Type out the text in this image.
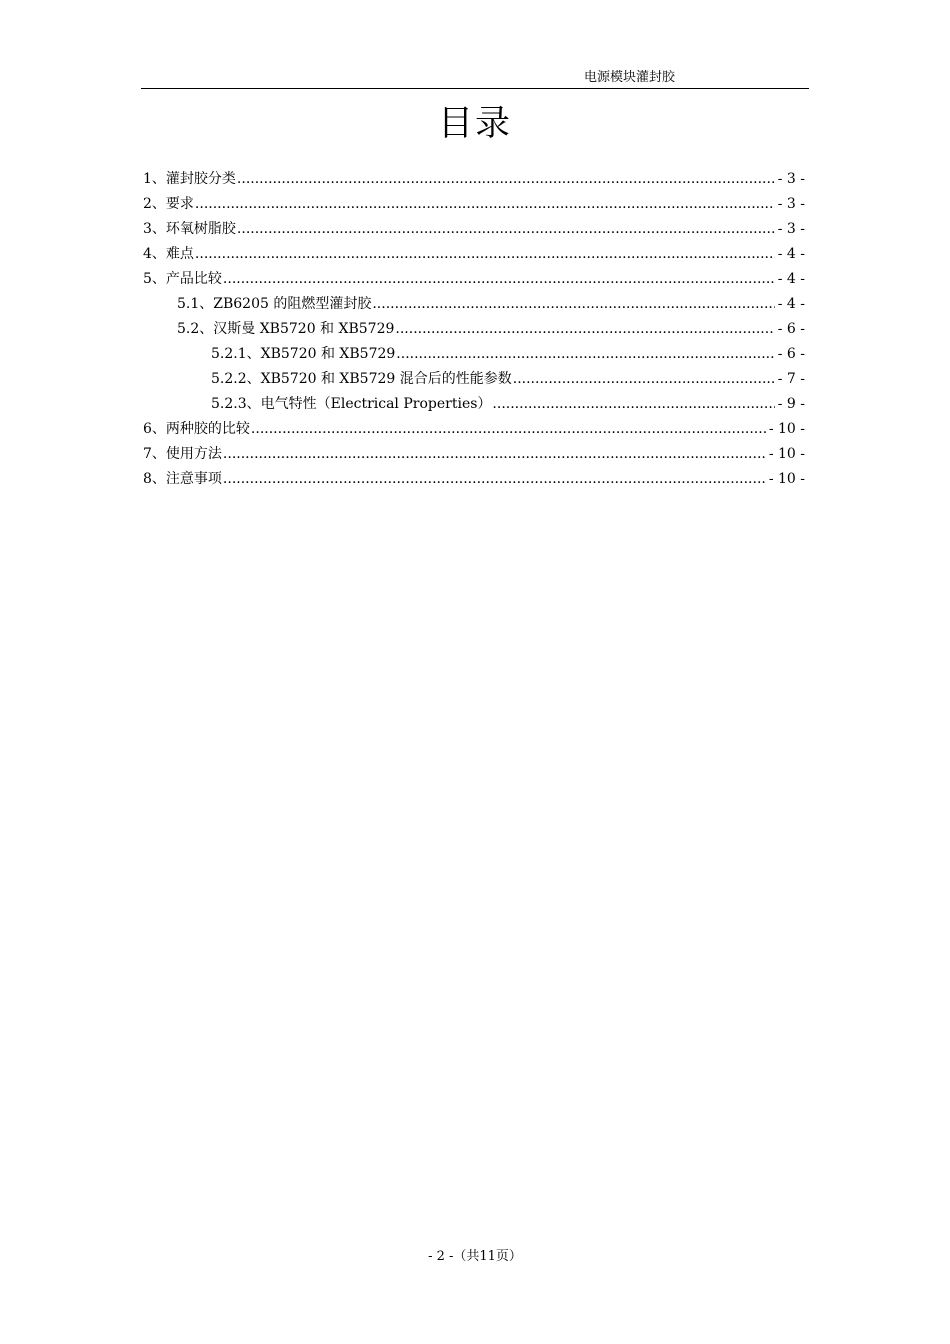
电源模块灌封胶
目录
1、灌封胶分类 .....	- 3 -
2、要求 .....	- 3 -
3、环氧树脂胶 .....	- 3 -
4、难点 .....	- 4 -
5、产品比较 .....	- 4 -
5.1、ZB6205 的阻燃型灌封胶 .....	- 4 -
5.2、汉斯曼 XB5720 和 XB5729 .....	- 6 -
5.2.1、XB5720 和 XB5729 .....	- 6 -
5.2.2、XB5720 和 XB5729 混合后的性能参数 .....	- 7 -
5.2.3、电气特性（Electrical Properties） .....	- 9 -
6、两种胶的比较 .....	- 10 -
7、使用方法 .....	- 10 -
8、注意事项 .....	- 10 -
- 2 -（共11页）
